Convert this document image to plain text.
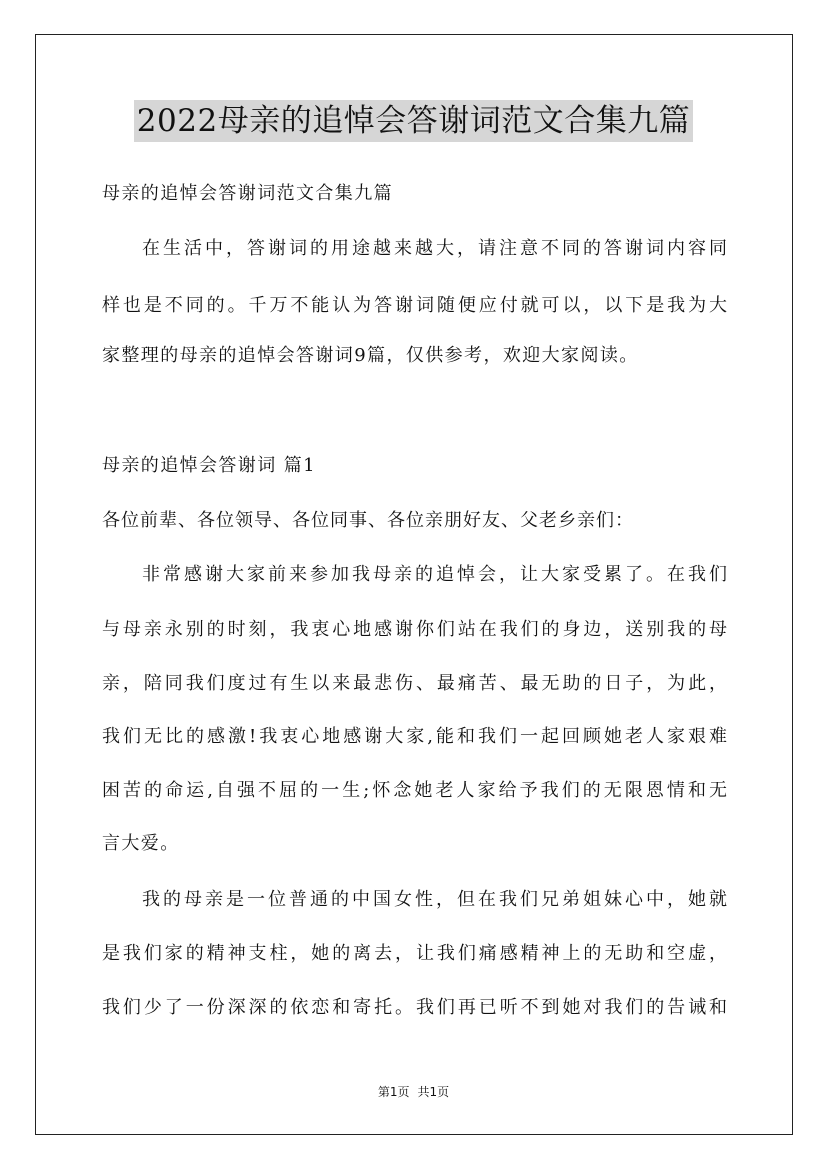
2022母亲的追悼会答谢词范文合集九篇
母亲的追悼会答谢词范文合集九篇
在生活中，答谢词的用途越来越大，请注意不同的答谢词内容同
样也是不同的。千万不能认为答谢词随便应付就可以，以下是我为大
家整理的母亲的追悼会答谢词9篇，仅供参考，欢迎大家阅读。
母亲的追悼会答谢词 篇1
各位前辈、各位领导、各位同事、各位亲朋好友、父老乡亲们：
非常感谢大家前来参加我母亲的追悼会，让大家受累了。在我们
与母亲永别的时刻，我衷心地感谢你们站在我们的身边，送别我的母
亲，陪同我们度过有生以来最悲伤、最痛苦、最无助的日子，为此，
我们无比的感激!我衷心地感谢大家,能和我们一起回顾她老人家艰难
困苦的命运,自强不屈的一生;怀念她老人家给予我们的无限恩情和无
言大爱。
我的母亲是一位普通的中国女性，但在我们兄弟姐妹心中，她就
是我们家的精神支柱，她的离去，让我们痛感精神上的无助和空虚，
我们少了一份深深的依恋和寄托。我们再已听不到她对我们的告诫和
第1页 共1页
